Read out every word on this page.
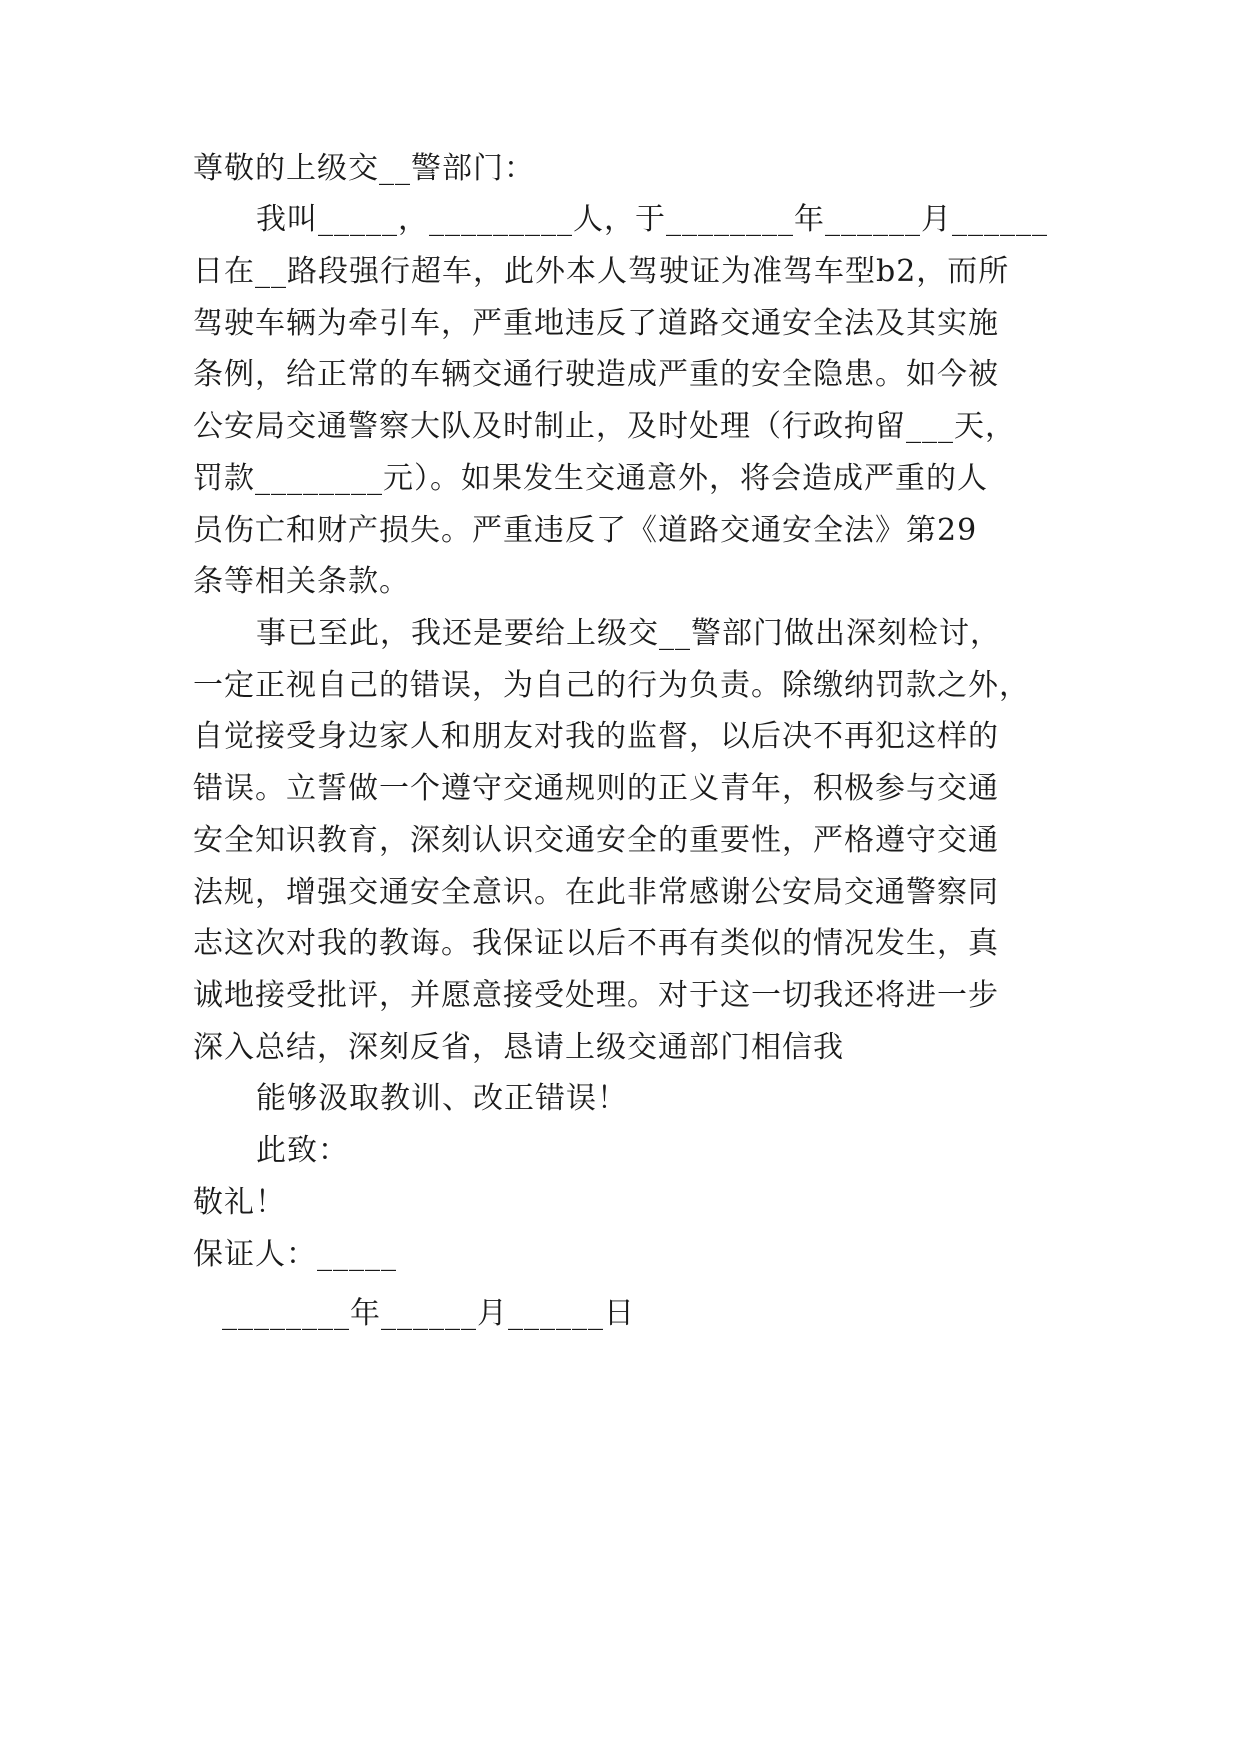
尊敬的上级交__警部门：
我叫_____，_________人，于________年______月______
日在__路段强行超车，此外本人驾驶证为准驾车型b2，而所
驾驶车辆为牵引车，严重地违反了道路交通安全法及其实施
条例，给正常的车辆交通行驶造成严重的安全隐患。如今被
公安局交通警察大队及时制止，及时处理（行政拘留___天，
罚款________元）。如果发生交通意外，将会造成严重的人
员伤亡和财产损失。严重违反了《道路交通安全法》第29
条等相关条款。
事已至此，我还是要给上级交__警部门做出深刻检讨，
一定正视自己的错误，为自己的行为负责。除缴纳罚款之外，
自觉接受身边家人和朋友对我的监督，以后决不再犯这样的
错误。立誓做一个遵守交通规则的正义青年，积极参与交通
安全知识教育，深刻认识交通安全的重要性，严格遵守交通
法规，增强交通安全意识。在此非常感谢公安局交通警察同
志这次对我的教诲。我保证以后不再有类似的情况发生，真
诚地接受批评，并愿意接受处理。对于这一切我还将进一步
深入总结，深刻反省，恳请上级交通部门相信我
能够汲取教训、改正错误！
此致：
敬礼！
保证人：_____
________年______月______日
